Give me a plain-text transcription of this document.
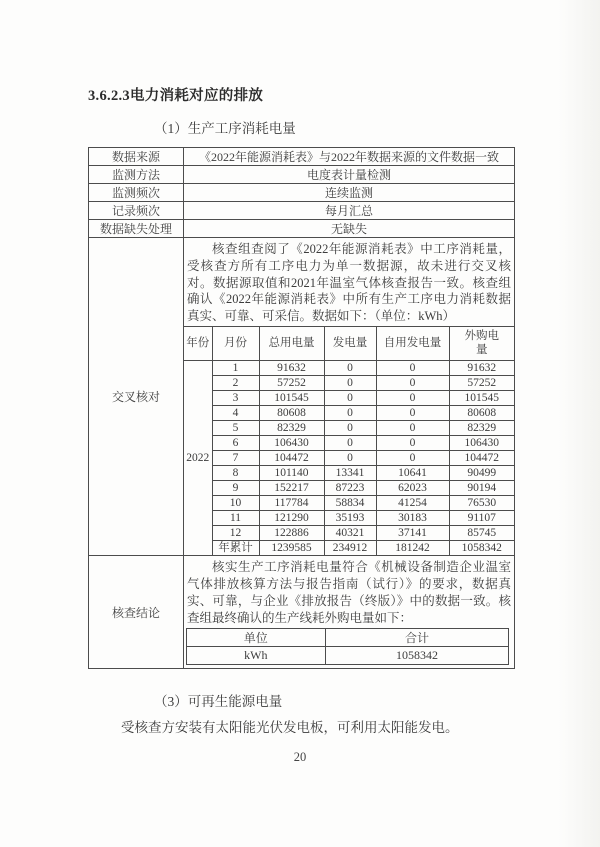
3.6.2.3电力消耗对应的排放
（1）生产工序消耗电量
数据来源	《2022年能源消耗表》与2022年数据来源的文件数据一致
监测方法	电度表计量检测
监测频次	连续监测
记录频次	每月汇总
数据缺失处理	无缺失
交叉核对	

核查组查阅了《2022年能源消耗表》中工序消耗量，受核查方所有工序电力为单一数据源，故未进行交叉核对。数据源取值和2021年温室气体核查报告一致。核查组确认《2022年能源消耗表》中所有生产工序电力消耗数据真实、可靠、可采信。数据如下：（单位：kWh）

年份	月份	总用电量	发电量	自用发电量	外购电量
2022	1	91632	0	0	91632
2	57252	0	0	57252
3	101545	0	0	101545
4	80608	0	0	80608
5	82329	0	0	82329
6	106430	0	0	106430
7	104472	0	0	104472
8	101140	13341	10641	90499
9	152217	87223	62023	90194
10	117784	58834	41254	76530
11	121290	35193	30183	91107
12	122886	40321	37141	85745
年累计	1239585	234912	181242	1058342

核查结论	

核实生产工序消耗电量符合《机械设备制造企业温室气体排放核算方法与报告指南（试行）》的要求，数据真实、可靠，与企业《排放报告（终版）》中的数据一致。核查组最终确认的生产线耗外购电量如下：

单位	合计
kWh	1058342
（3）可再生能源电量
受核查方安装有太阳能光伏发电板，可利用太阳能发电。
20
